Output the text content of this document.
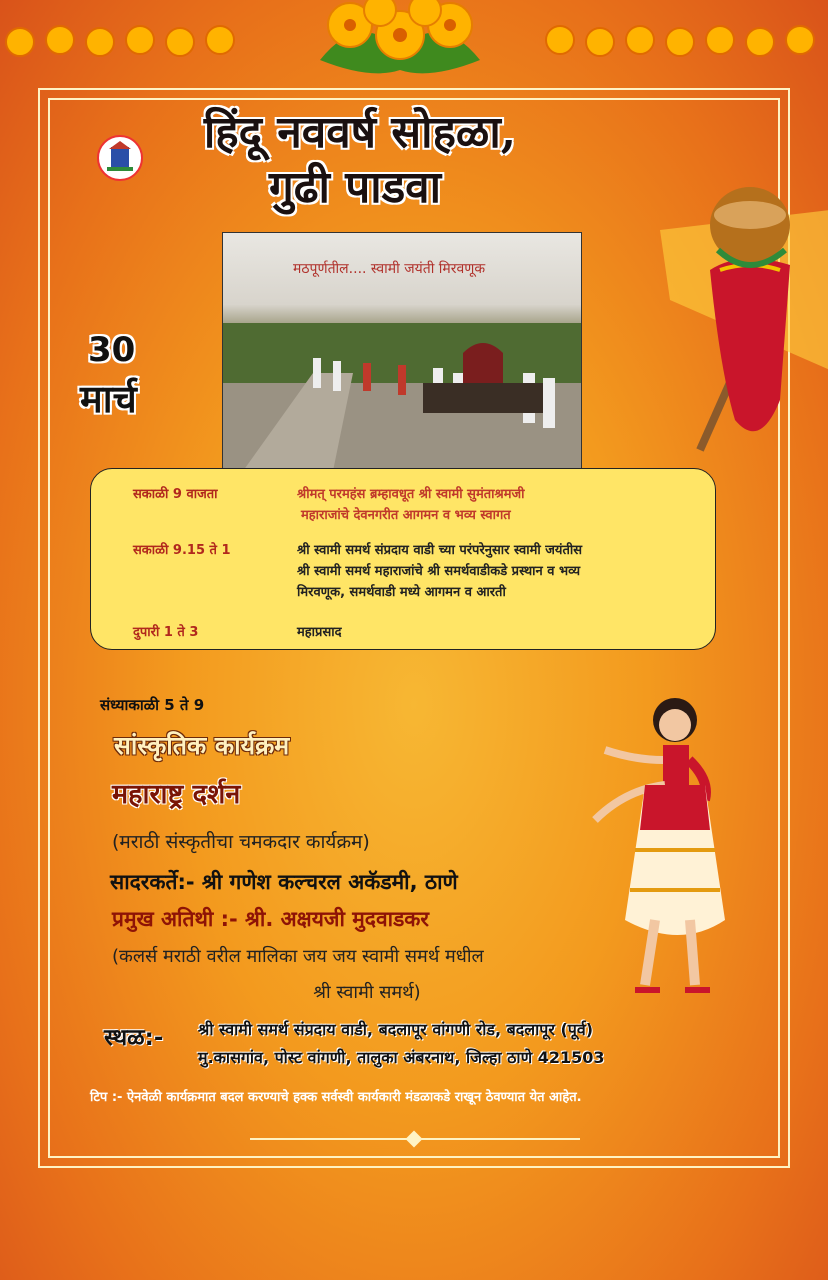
हिंदू नववर्ष सोहळा,
गुढी पाडवा
मठपूर्णतील.... स्वामी जयंती मिरवणूक
30
मार्च
सकाळी 9 वाजता	श्रीमत् परमहंस ब्रम्हावधूत श्री स्वामी सुमंताश्रमजी
महाराजांचे देवनगरीत आगमन व भव्य स्वागत
सकाळी 9.15 ते 1	श्री स्वामी समर्थ संप्रदाय वाडी च्या परंपरेनुसार स्वामी जयंतीस
श्री स्वामी समर्थ महाराजांचे श्री समर्थवाडीकडे प्रस्थान व भव्य
मिरवणूक, समर्थवाडी मध्ये आगमन व आरती
दुपारी 1 ते 3	महाप्रसाद
संध्याकाळी 5 ते 9
सांस्कृतिक कार्यक्रम
महाराष्ट्र दर्शन
(मराठी संस्कृतीचा चमकदार कार्यक्रम)
सादरकर्ते:- श्री गणेश कल्चरल अकॅडमी, ठाणे
प्रमुख अतिथी :- श्री. अक्षयजी मुदवाडकर
(कलर्स मराठी वरील मालिका जय जय स्वामी समर्थ मधील
श्री स्वामी समर्थ)
स्थळ:- श्री स्वामी समर्थ संप्रदाय वाडी, बदलापूर वांगणी रोड, बदलापूर (पूर्व)
मु.कासगांव, पोस्ट वांगणी, तालुका अंबरनाथ, जिल्हा ठाणे 421503
टिप :- ऐनवेळी कार्यक्रमात बदल करण्याचे हक्क सर्वस्वी कार्यकारी मंडळाकडे राखून ठेवण्यात येत आहेत.
